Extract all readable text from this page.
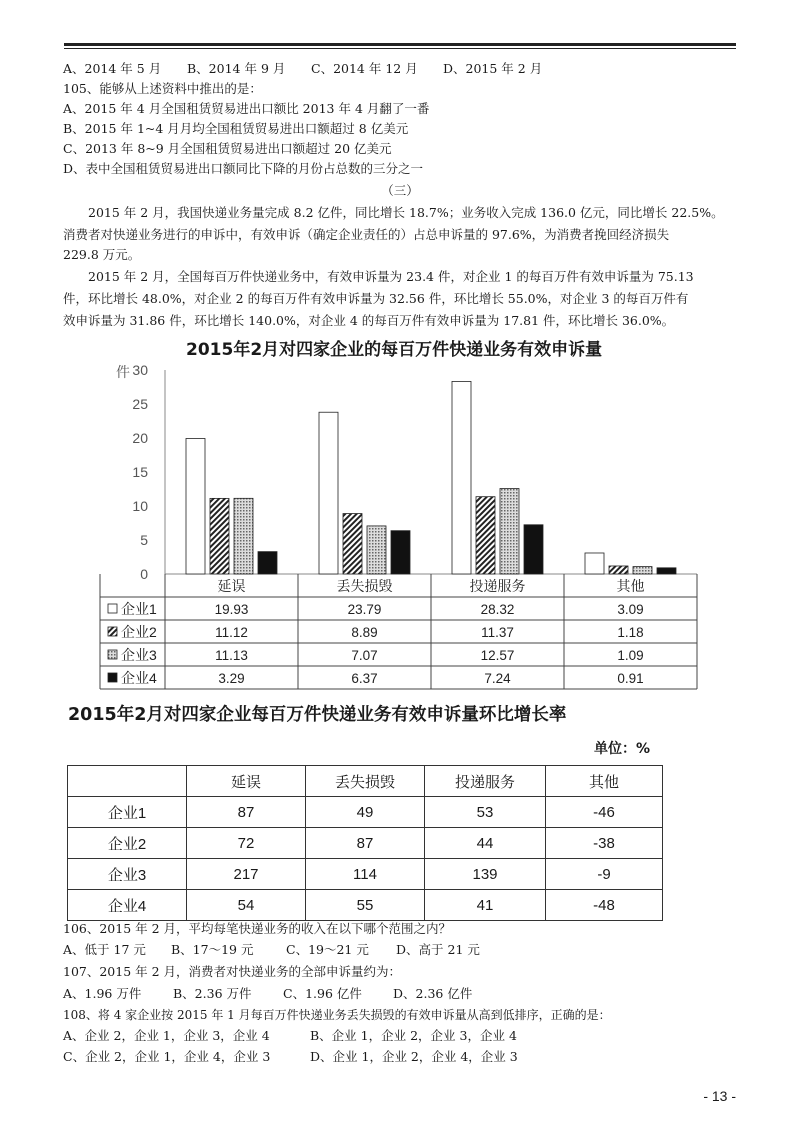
A、2014 年 5 月 B、2014 年 9 月 C、2014 年 12 月 D、2015 年 2 月
105、能够从上述资料中推出的是：
A、2015 年 4 月全国租赁贸易进出口额比 2013 年 4 月翻了一番
B、2015 年 1~4 月月均全国租赁贸易进出口额超过 8 亿美元
C、2013 年 8~9 月全国租赁贸易进出口额超过 20 亿美元
D、表中全国租赁贸易进出口额同比下降的月份占总数的三分之一
（三）
2015 年 2 月，我国快递业务量完成 8.2 亿件，同比增长 18.7%；业务收入完成 136.0 亿元，同比增长 22.5%。
消费者对快递业务进行的申诉中，有效申诉（确定企业责任的）占总申诉量的 97.6%，为消费者挽回经济损失
229.8 万元。
2015 年 2 月，全国每百万件快递业务中，有效申诉量为 23.4 件，对企业 1 的每百万件有效申诉量为 75.13
件，环比增长 48.0%，对企业 2 的每百万件有效申诉量为 32.56 件，环比增长 55.0%，对企业 3 的每百万件有
效申诉量为 31.86 件，环比增长 140.0%，对企业 4 的每百万件有效申诉量为 17.81 件，环比增长 36.0%。
2015年2月对四家企业的每百万件快递业务有效申诉量
0
5
10
15
20
25
30
件
延误	丢失损毁	投递服务	其他
企业1	19.93	23.79	28.32	3.09
企业2	11.12	8.89	11.37	1.18
企业3	11.13	7.07	12.57	1.09
企业4	3.29	6.37	7.24	0.91
2015年2月对四家企业每百万件快递业务有效申诉量环比增长率
单位：%
	延误	丢失损毁	投递服务	其他
企业1	87	49	53	-46
企业2	72	87	44	-38
企业3	217	114	139	-9
企业4	54	55	41	-48
106、2015 年 2 月，平均每笔快递业务的收入在以下哪个范围之内？
A、低于 17 元 B、17～19 元	C、19～21 元 D、高于 21 元
107、2015 年 2 月，消费者对快递业务的全部申诉量约为：
A、1.96 万件	B、2.36 万件	C、1.96 亿件 D、2.36 亿件
108、将 4 家企业按 2015 年 1 月每百万件快递业务丢失损毁的有效申诉量从高到低排序，正确的是：
A、企业 2，企业 1，企业 3，企业 4	B、企业 1，企业 2，企业 3，企业 4
C、企业 2，企业 1，企业 4，企业 3	D、企业 1，企业 2，企业 4，企业 3
- 13 -
